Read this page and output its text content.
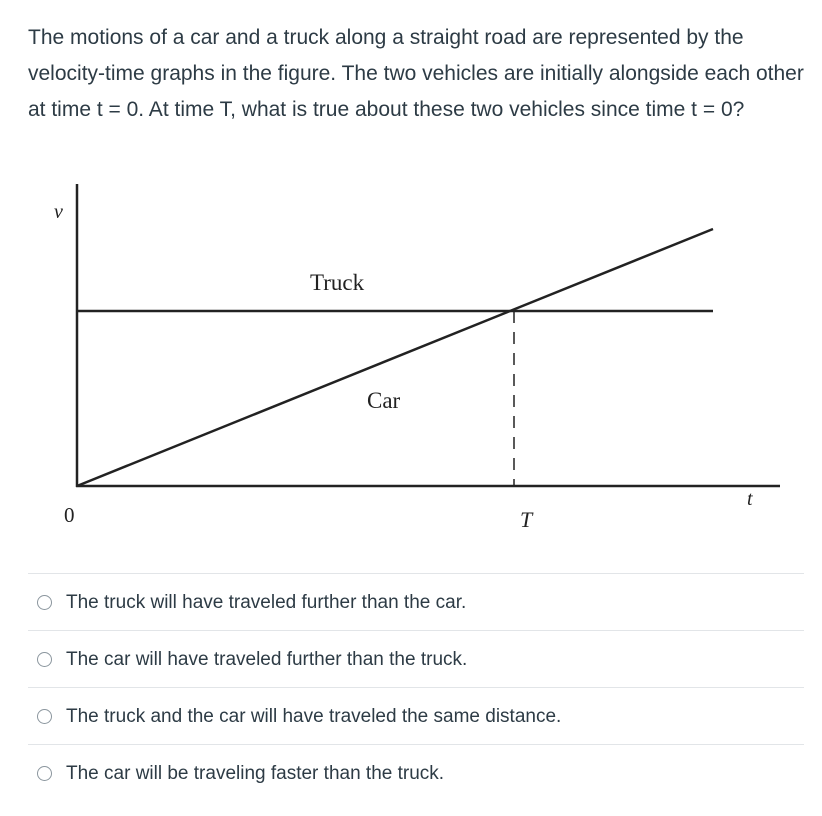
The motions of a car and a truck along a straight road are represented by the velocity-time graphs in the figure. The two vehicles are initially alongside each other at time t = 0. At time T, what is true about these two vehicles since time t = 0?

v
t
0	T
Truck
Car
The truck will have traveled further than the car.
The car will have traveled further than the truck.
The truck and the car will have traveled the same distance.
The car will be traveling faster than the truck.
